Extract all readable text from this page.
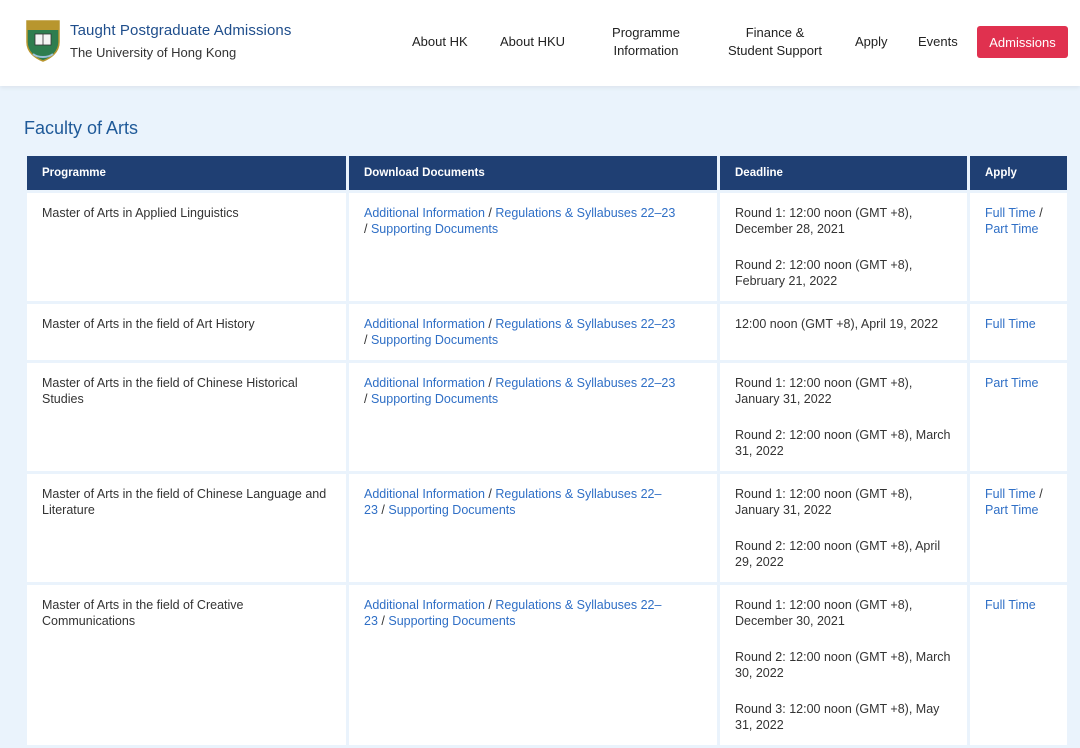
Taught Postgraduate Admissions
The University of Hong Kong
About HK About HKU
Programme
Information
Finance &
Student Support
Apply Events	Admissions
Faculty of Arts
Programme	Download Documents	Deadline	Apply
Master of Arts in Applied Linguistics	Additional Information / Regulations & Syllabuses 22–23
/ Supporting Documents	Round 1: 12:00 noon (GMT +8), December 28, 2021
Round 2: 12:00 noon (GMT +8), February 21, 2022	Full Time / Part Time
Master of Arts in the field of Art History	Additional Information / Regulations & Syllabuses 22–23
/ Supporting Documents	12:00 noon (GMT +8), April 19, 2022	Full Time
Master of Arts in the field of Chinese Historical Studies	Additional Information / Regulations & Syllabuses 22–23
/ Supporting Documents	Round 1: 12:00 noon (GMT +8), January 31, 2022
Round 2: 12:00 noon (GMT +8), March 31, 2022	Part Time
Master of Arts in the field of Chinese Language and Literature	Additional Information / Regulations & Syllabuses 22–
23 / Supporting Documents	Round 1: 12:00 noon (GMT +8), January 31, 2022
Round 2: 12:00 noon (GMT +8), April 29, 2022	Full Time / Part Time
Master of Arts in the field of Creative Communications	Additional Information / Regulations & Syllabuses 22–
23 / Supporting Documents	Round 1: 12:00 noon (GMT +8), December 30, 2021
Round 2: 12:00 noon (GMT +8), March 30, 2022
Round 3: 12:00 noon (GMT +8), May 31, 2022	Full Time
